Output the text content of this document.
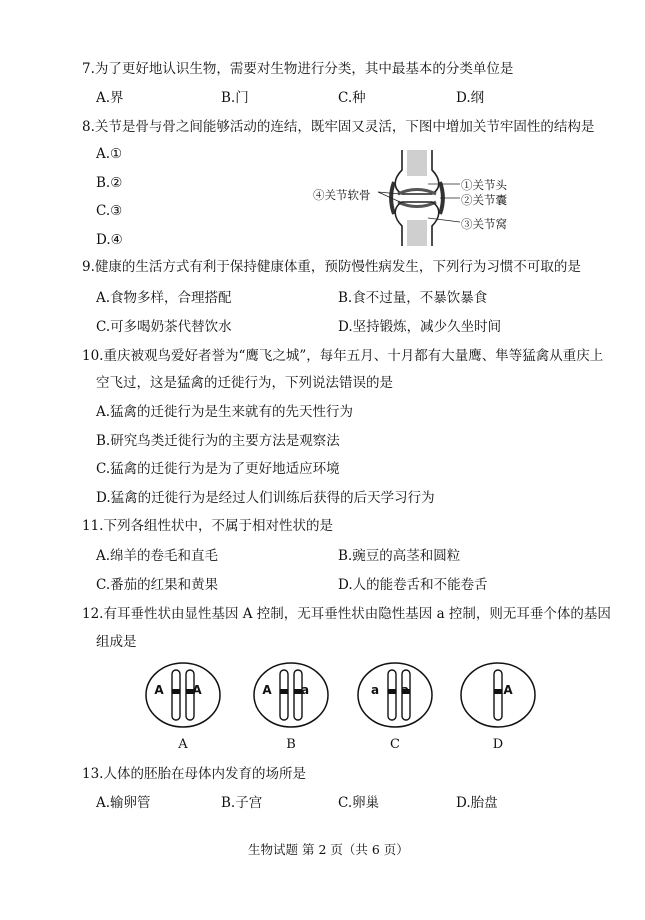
7.为了更好地认识生物，需要对生物进行分类，其中最基本的分类单位是
A.界	B.门	C.种	D.纲
8.关节是骨与骨之间能够活动的连结，既牢固又灵活，下图中增加关节牢固性的结构是
A.①
B.②
C.③
D.④
④关节软骨
①关节头
②关节囊
③关节窝
9.健康的生活方式有利于保持健康体重，预防慢性病发生，下列行为习惯不可取的是
A.食物多样，合理搭配	B.食不过量，不暴饮暴食
C.可多喝奶茶代替饮水	D.坚持锻炼，减少久坐时间
10.重庆被观鸟爱好者誉为“鹰飞之城”，每年五月、十月都有大量鹰、隼等猛禽从重庆上
空飞过，这是猛禽的迁徙行为，下列说法错误的是
A.猛禽的迁徙行为是生来就有的先天性行为
B.研究鸟类迁徙行为的主要方法是观察法
C.猛禽的迁徙行为是为了更好地适应环境
D.猛禽的迁徙行为是经过人们训练后获得的后天学习行为
11.下列各组性状中，不属于相对性状的是
A.绵羊的卷毛和直毛	B.豌豆的高茎和圆粒
C.番茄的红果和黄果	D.人的能卷舌和不能卷舌
12.有耳垂性状由显性基因 A 控制，无耳垂性状由隐性基因 a 控制，则无耳垂个体的基因
组成是
A	A	A	a	a	a	A
A	B	C	D
13.人体的胚胎在母体内发育的场所是
A.输卵管	B.子宫	C.卵巢	D.胎盘
生物试题 第 2 页（共 6 页）
